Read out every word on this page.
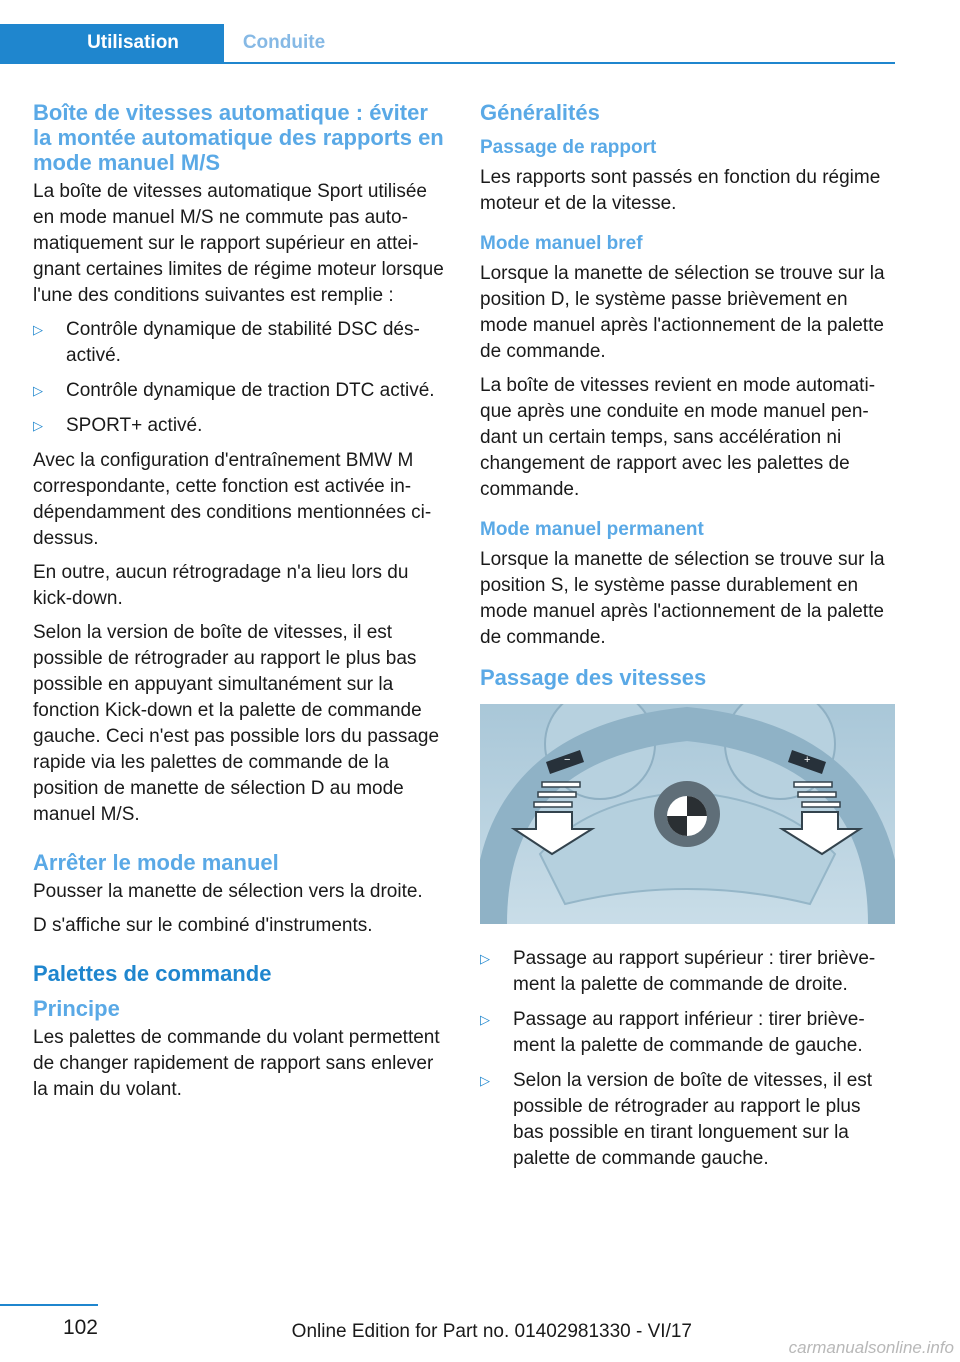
Utilisation	Conduite
Boîte de vitesses automatique : éviter la montée automatique des rapports en mode manuel M/S

La boîte de vitesses automatique Sport utilisée en mode manuel M/S ne commute pas automatiquement sur le rapport supérieur en atteignant certaines limites de régime moteur lorsque l'une des conditions suivantes est remplie :

▷ Contrôle dynamique de stabilité DSC désactivé.
▷ Contrôle dynamique de traction DTC activé.
▷ SPORT+ activé.

Avec la configuration d'entraînement BMW M correspondante, cette fonction est activée indépendamment des conditions mentionnées ci-dessus.

En outre, aucun rétrogradage n'a lieu lors du kick-down.

Selon la version de boîte de vitesses, il est possible de rétrograder au rapport le plus bas possible en appuyant simultanément sur la fonction Kick-down et la palette de commande gauche. Ceci n'est pas possible lors du passage rapide via les palettes de commande de la position de manette de sélection D au mode manuel M/S.

Arrêter le mode manuel

Pousser la manette de sélection vers la droite.

D s'affiche sur le combiné d'instruments.

Palettes de commande
Principe

Les palettes de commande du volant permettent de changer rapidement de rapport sans enlever la main du volant.

Généralités
Passage de rapport

Les rapports sont passés en fonction du régime moteur et de la vitesse.

Mode manuel bref

Lorsque la manette de sélection se trouve sur la position D, le système passe brièvement en mode manuel après l'actionnement de la palette de commande.

La boîte de vitesses revient en mode automatique après une conduite en mode manuel pendant un certain temps, sans accélération ni changement de rapport avec les palettes de commande.

Mode manuel permanent

Lorsque la manette de sélection se trouve sur la position S, le système passe durablement en mode manuel après l'actionnement de la palette de commande.

Passage des vitesses
−	+
▷ Passage au rapport supérieur : tirer brièvement la palette de commande de droite.
▷ Passage au rapport inférieur : tirer brièvement la palette de commande de gauche.
▷ Selon la version de boîte de vitesses, il est possible de rétrograder au rapport le plus bas possible en tirant longuement sur la palette de commande gauche.
102	Online Edition for Part no. 01402981330 - VI/17
carmanualsonline.info
